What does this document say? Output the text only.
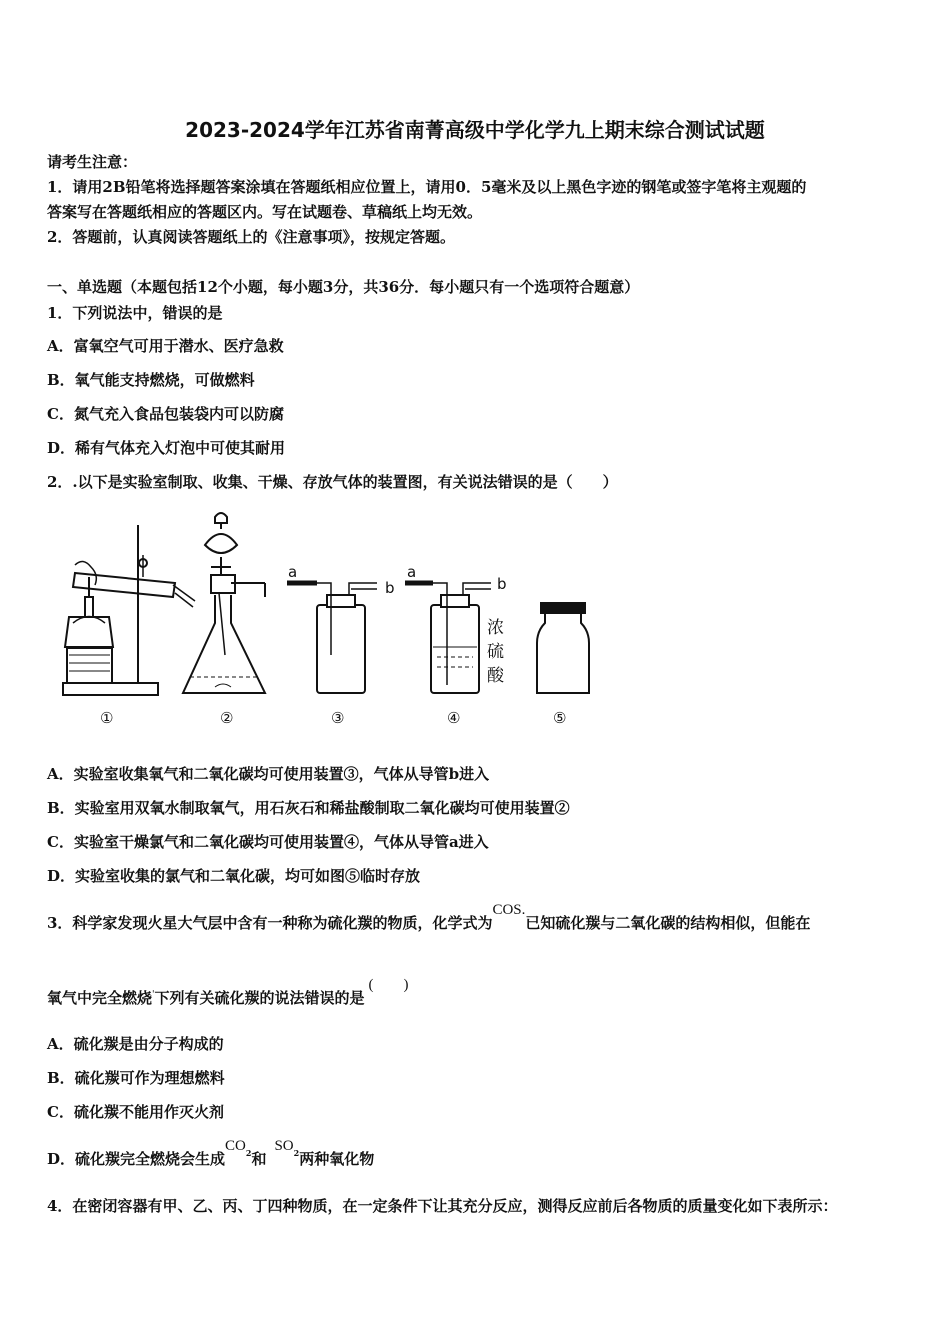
2023-2024学年江苏省南菁高级中学化学九上期末综合测试试题
请考生注意：
1．请用2B铅笔将选择题答案涂填在答题纸相应位置上，请用0．5毫米及以上黑色字迹的钢笔或签字笔将主观题的
答案写在答题纸相应的答题区内。写在试题卷、草稿纸上均无效。
2．答题前，认真阅读答题纸上的《注意事项》，按规定答题。
一、单选题（本题包括12个小题，每小题3分，共36分．每小题只有一个选项符合题意）
1．下列说法中，错误的是
A．富氧空气可用于潜水、医疗急救
B．氧气能支持燃烧，可做燃料
C．氮气充入食品包装袋内可以防腐
D．稀有气体充入灯泡中可使其耐用
2．.以下是实验室制取、收集、干燥、存放气体的装置图，有关说法错误的是（　　）
a
b
a
b
浓
硫
酸
①	②	③	④	⑤
A．实验室收集氧气和二氧化碳均可使用装置③，气体从导管b进入
B．实验室用双氧水制取氧气，用石灰石和稀盐酸制取二氧化碳均可使用装置②
C．实验室干燥氯气和二氧化碳均可使用装置④，气体从导管a进入
D．实验室收集的氯气和二氧化碳，均可如图⑤临时存放
3．科学家发现火星大气层中含有一种称为硫化羰的物质，化学式为COS.已知硫化羰与二氧化碳的结构相似，但能在
氧气中完全燃烧'下列有关硫化羰的说法错误的是(　　)
A．硫化羰是由分子构成的
B．硫化羰可作为理想燃料
C．硫化羰不能用作灭火剂
D．硫化羰完全燃烧会生成$CO^2$和$SO^2$两种氧化物
4．在密闭容器有甲、乙、丙、丁四种物质，在一定条件下让其充分反应，测得反应前后各物质的质量变化如下表所示：
